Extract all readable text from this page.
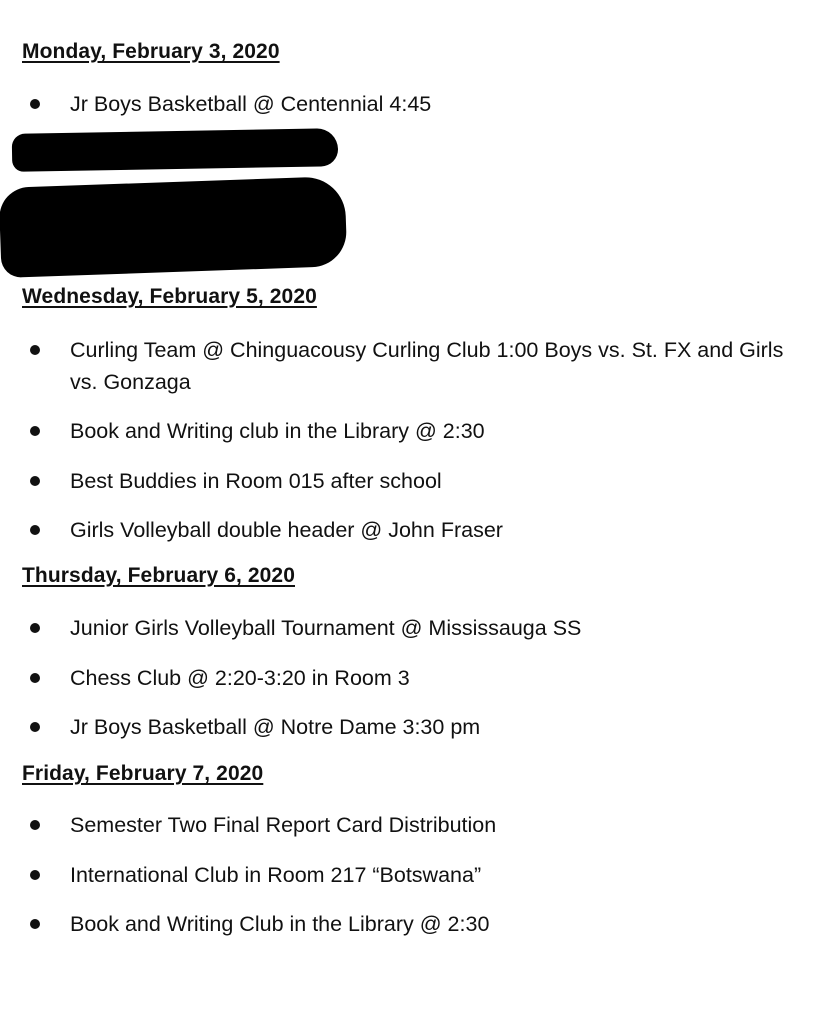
Monday, February 3, 2020
Jr Boys Basketball @ Centennial 4:45
Wednesday, February 5, 2020
Curling Team @ Chinguacousy Curling Club 1:00 Boys vs. St. FX and Girls vs. Gonzaga
Book and Writing club in the Library @ 2:30
Best Buddies in Room 015 after school
Girls Volleyball double header @ John Fraser
Thursday, February 6, 2020
Junior Girls Volleyball Tournament @ Mississauga SS
Chess Club @ 2:20-3:20 in Room 3
Jr Boys Basketball @ Notre Dame 3:30 pm
Friday, February 7, 2020
Semester Two Final Report Card Distribution
International Club in Room 217 “Botswana”
Book and Writing Club in the Library @ 2:30
